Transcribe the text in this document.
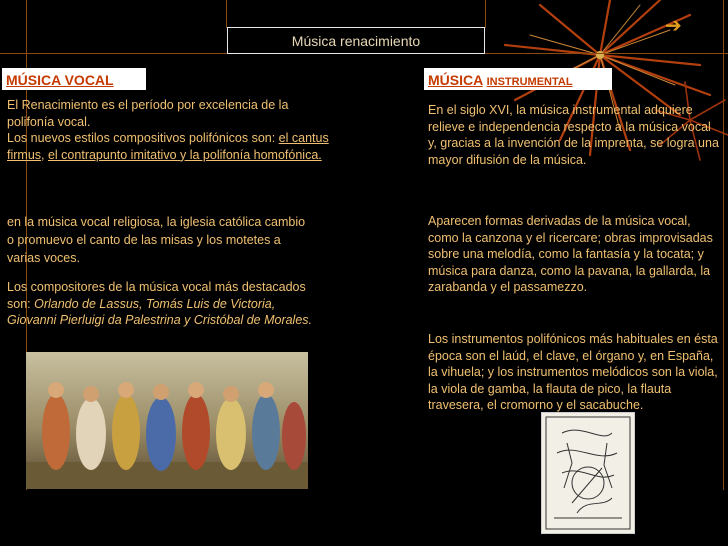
➔
Música renacimiento
MÚSICA VOCAL

El Renacimiento es el período por excelencia de la polifonía vocal.
Los nuevos estilos compositivos polifónicos son: el cantus firmus, el contrapunto imitativo y la polifonía homofónica.

en la música vocal religiosa, la iglesia católica cambio o promuevo el canto de las misas y los motetes a varias voces.

Los compositores de la música vocal más destacados son: Orlando de Lassus, Tomás Luis de Victoria, Giovanni Pierluigi da Palestrina y Cristóbal de Morales.

MÚSICA INSTRUMENTAL

En el siglo XVI, la música instrumental adquiere relieve e independencia respecto a la música vocal y, gracias a la invención de la imprenta, se logra una mayor difusión de la música.

Aparecen formas derivadas de la música vocal, como la canzona y el ricercare; obras improvisadas sobre una melodía, como la fantasía y la tocata; y música para danza, como la pavana, la gallarda, la zarabanda y el passamezzo.

Los instrumentos polifónicos más habituales en ésta época son el laúd, el clave, el órgano y, en España, la vihuela; y los instrumentos melódicos son la viola, la viola de gamba, la flauta de pico, la flauta travesera, el cromorno y el sacabuche.
